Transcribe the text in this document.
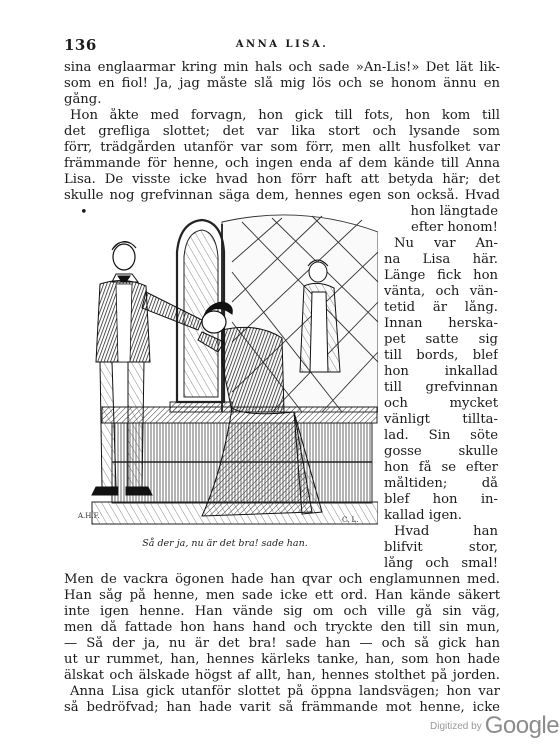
136	ANNA LISA.

sina englaarmar kring min hals och sade »An-Lis!» Det lät lik-

som en fiol! Ja, jag måste slå mig lös och se honom ännu en

gång.

Hon åkte med forvagn, hon gick till fots, hon kom till

det grefliga slottet; det var lika stort och lysande som

förr, trädgården utanför var som förr, men allt husfolket var

främmande för henne, och ingen enda af dem kände till Anna

Lisa. De visste icke hvad hon förr haft att betyda här; det

skulle nog grefvinnan säga dem, hennes egen son också. Hvad

•
A.H.F.	C. L.
Så der ja, nu är det bra! sade han.

hon längtade

efter honom!

Nu var An-

na Lisa här.

Länge fick hon

vänta, och vän-

tetid är lång.

Innan herska-

pet satte sig

till bords, blef

hon inkallad

till grefvinnan

och mycket

vänligt tillta-

lad. Sin söte

gosse skulle

hon få se efter

måltiden; då

blef hon in-

kallad igen.

Hvad han

blifvit stor,

lång och smal!

Men de vackra ögonen hade han qvar och englamunnen med.

Han såg på henne, men sade icke ett ord. Han kände säkert

inte igen henne. Han vände sig om och ville gå sin väg,

men då fattade hon hans hand och tryckte den till sin mun,

— Så der ja, nu är det bra! sade han — och så gick han

ut ur rummet, han, hennes kärleks tanke, han, som hon hade

älskat och älskade högst af allt, han, hennes stolthet på jorden.

Anna Lisa gick utanför slottet på öppna landsvägen; hon var

så bedröfvad; han hade varit så främmande mot henne, icke

$^{Digitized by}$ Google
